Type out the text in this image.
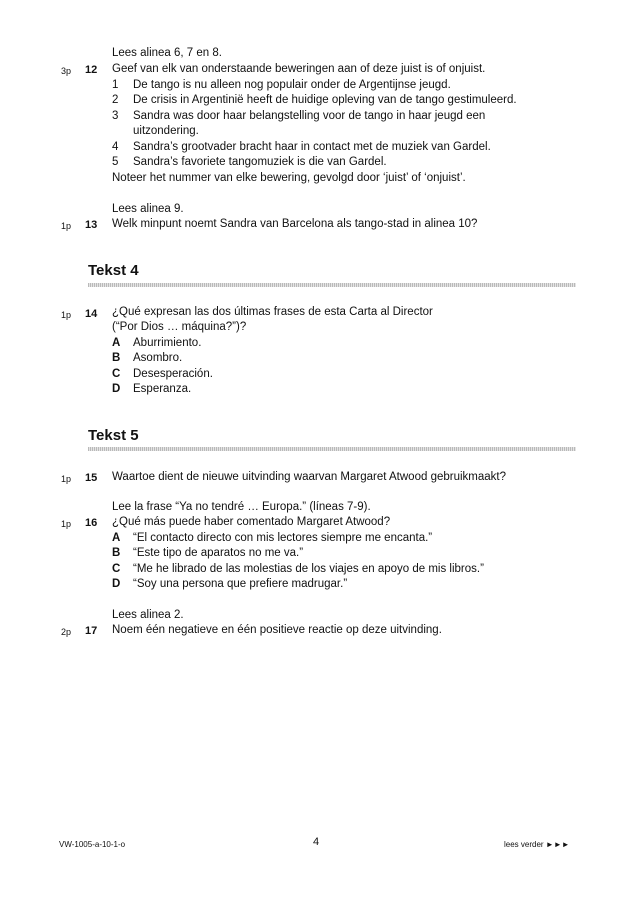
Lees alinea 6, 7 en 8.
3p 12 Geef van elk van onderstaande beweringen aan of deze juist is of onjuist.
1 De tango is nu alleen nog populair onder de Argentijnse jeugd.
2 De crisis in Argentinië heeft de huidige opleving van de tango gestimuleerd.
3 Sandra was door haar belangstelling voor de tango in haar jeugd een
uitzondering.
4 Sandra’s grootvader bracht haar in contact met de muziek van Gardel.
5 Sandra’s favoriete tangomuziek is die van Gardel.
Noteer het nummer van elke bewering, gevolgd door ‘juist’ of ‘onjuist’.
Lees alinea 9.
1p 13 Welk minpunt noemt Sandra van Barcelona als tango-stad in alinea 10?
Tekst 4
1p 14 ¿Qué expresan las dos últimas frases de esta Carta al Director
(“Por Dios … máquina?”)?
A Aburrimiento.
B Asombro.
C Desesperación.
D Esperanza.
Tekst 5
1p 15 Waartoe dient de nieuwe uitvinding waarvan Margaret Atwood gebruikmaakt?
Lee la frase “Ya no tendré … Europa.” (líneas 7-9).
1p 16 ¿Qué más puede haber comentado Margaret Atwood?
A “El contacto directo con mis lectores siempre me encanta.”
B “Este tipo de aparatos no me va.”
C “Me he librado de las molestias de los viajes en apoyo de mis libros.”
D “Soy una persona que prefiere madrugar.”
Lees alinea 2.
2p 17 Noem één negatieve en één positieve reactie op deze uitvinding.
VW-1005-a-10-1-o	4	lees verder ►►►
